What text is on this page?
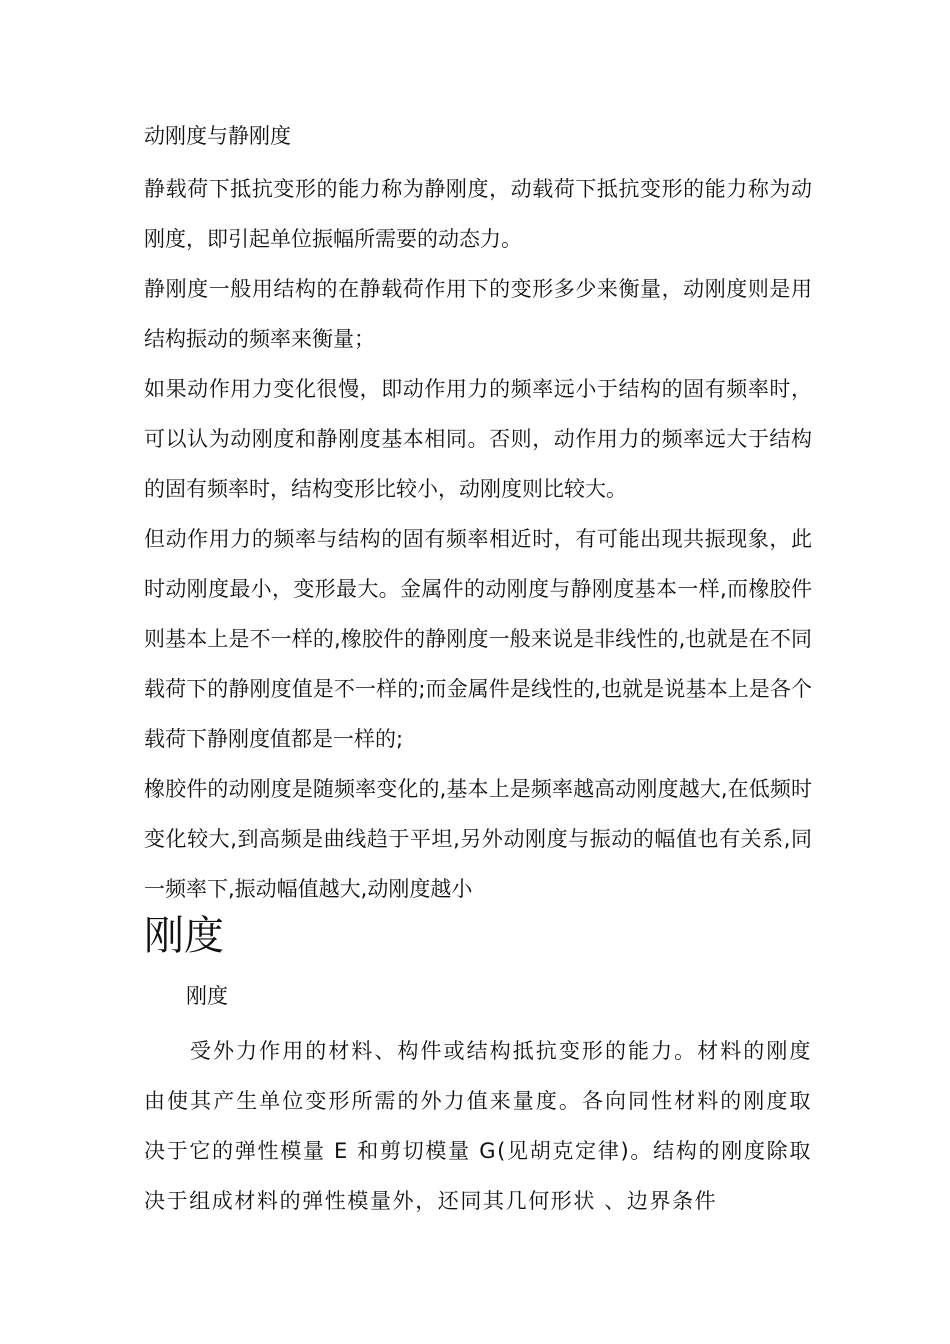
动刚度与静刚度

静载荷下抵抗变形的能力称为静刚度，动载荷下抵抗变形的能力称为动刚度，即引起单位振幅所需要的动态力。

静刚度一般用结构的在静载荷作用下的变形多少来衡量，动刚度则是用结构振动的频率来衡量；

如果动作用力变化很慢，即动作用力的频率远小于结构的固有频率时，可以认为动刚度和静刚度基本相同。否则，动作用力的频率远大于结构的固有频率时，结构变形比较小，动刚度则比较大。

但动作用力的频率与结构的固有频率相近时，有可能出现共振现象，此时动刚度最小，变形最大。金属件的动刚度与静刚度基本一样,而橡胶件则基本上是不一样的,橡胶件的静刚度一般来说是非线性的,也就是在不同载荷下的静刚度值是不一样的;而金属件是线性的,也就是说基本上是各个载荷下静刚度值都是一样的;

橡胶件的动刚度是随频率变化的,基本上是频率越高动刚度越大,在低频时变化较大,到高频是曲线趋于平坦,另外动刚度与振动的幅值也有关系,同一频率下,振动幅值越大,动刚度越小

刚度
刚度

受外力作用的材料、构件或结构抵抗变形的能力。材料的刚度由使其产生单位变形所需的外力值来量度。各向同性材料的刚度取决于它的弹性模量 E 和剪切模量 G(见胡克定律)。结构的刚度除取决于组成材料的弹性模量外，还同其几何形状 、边界条件
